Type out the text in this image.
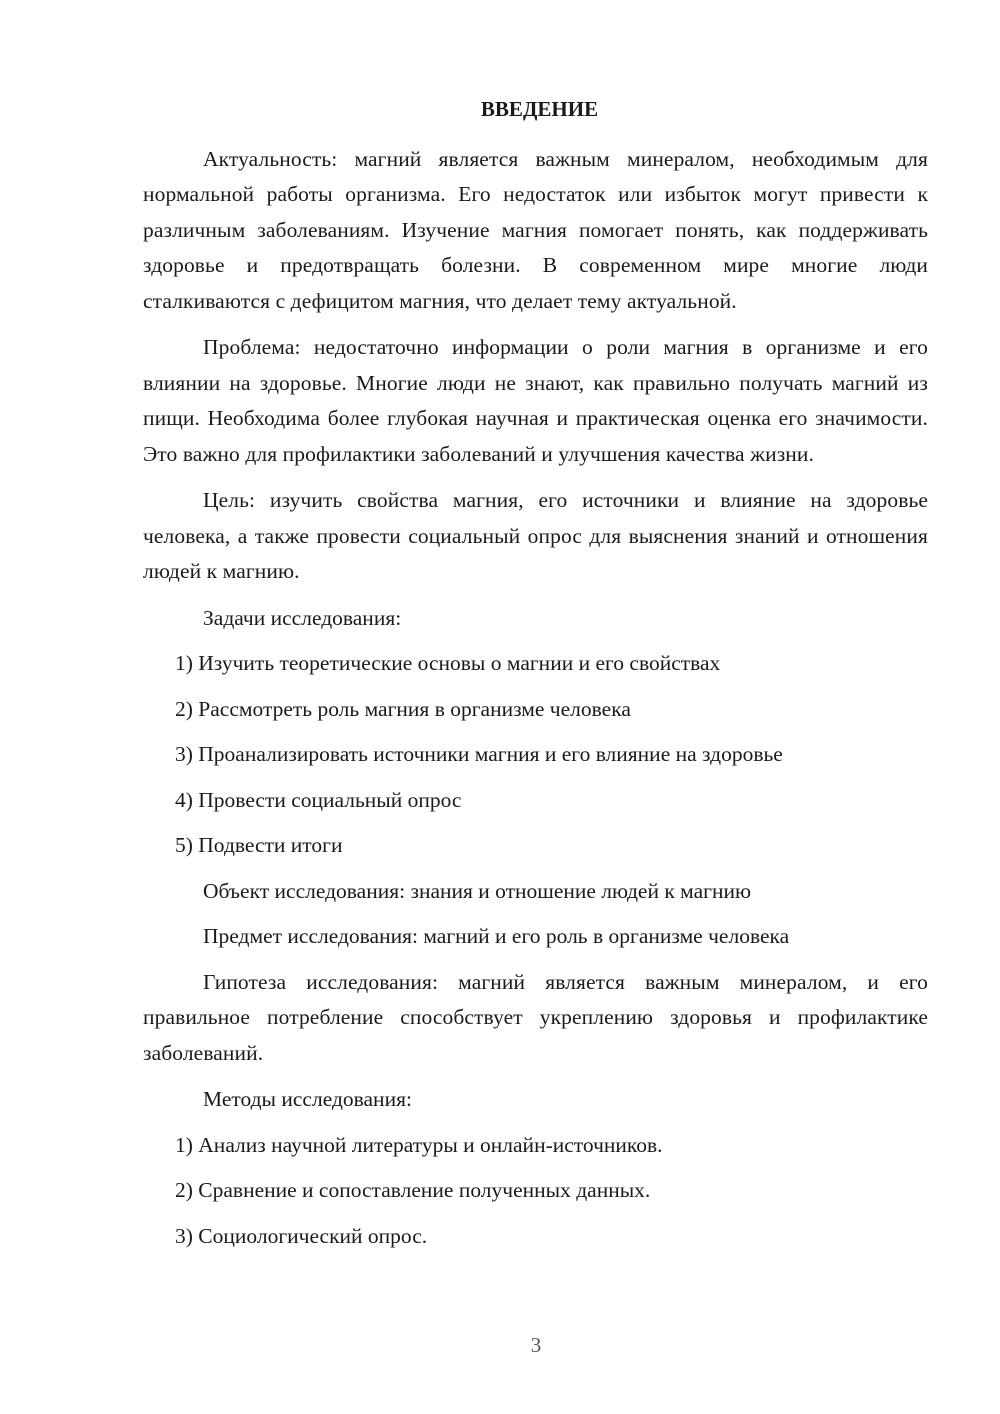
ВВЕДЕНИЕ

Актуальность: магний является важным минералом, необходимым для нормальной работы организма. Его недостаток или избыток могут привести к различным заболеваниям. Изучение магния помогает понять, как поддерживать здоровье и предотвращать болезни. В современном мире многие люди сталкиваются с дефицитом магния, что делает тему актуальной.

Проблема: недостаточно информации о роли магния в организме и его влиянии на здоровье. Многие люди не знают, как правильно получать магний из пищи. Необходима более глубокая научная и практическая оценка его значимости. Это важно для профилактики заболеваний и улучшения качества жизни.

Цель: изучить свойства магния, его источники и влияние на здоровье человека, а также провести социальный опрос для выяснения знаний и отношения людей к магнию.

Задачи исследования:

1) Изучить теоретические основы о магнии и его свойствах

2) Рассмотреть роль магния в организме человека

3) Проанализировать источники магния и его влияние на здоровье

4) Провести социальный опрос

5) Подвести итоги

Объект исследования: знания и отношение людей к магнию

Предмет исследования: магний и его роль в организме человека

Гипотеза исследования: магний является важным минералом, и его правильное потребление способствует укреплению здоровья и профилактике заболеваний.

Методы исследования:

1) Анализ научной литературы и онлайн-источников.

2) Сравнение и сопоставление полученных данных.

3) Социологический опрос.

3
